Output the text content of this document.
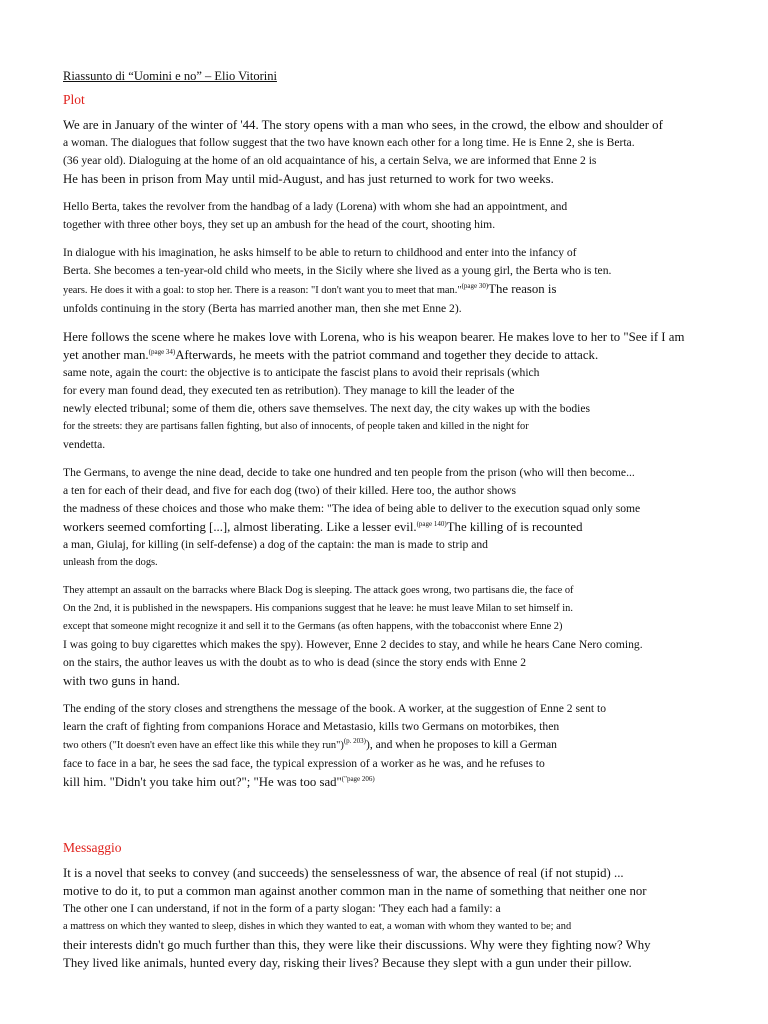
Riassunto di “Uomini e no” – Elio Vitorini
Plot
We are in January of the winter of '44. The story opens with a man who sees, in the crowd, the elbow and shoulder of
a woman. The dialogues that follow suggest that the two have known each other for a long time. He is Enne 2, she is Berta.
(36 year old). Dialoguing at the home of an old acquaintance of his, a certain Selva, we are informed that Enne 2 is
He has been in prison from May until mid-August, and has just returned to work for two weeks.
Hello Berta, takes the revolver from the handbag of a lady (Lorena) with whom she had an appointment, and
together with three other boys, they set up an ambush for the head of the court, shooting him.
In dialogue with his imagination, he asks himself to be able to return to childhood and enter into the infancy of
Berta. She becomes a ten-year-old child who meets, in the Sicily where she lived as a young girl, the Berta who is ten.
years. He does it with a goal: to stop her. There is a reason: "I don't want you to meet that man."$^{(page 30)}$The reason is
unfolds continuing in the story (Berta has married another man, then she met Enne 2).
Here follows the scene where he makes love with Lorena, who is his weapon bearer. He makes love to her to "See if I am
yet another man.$^{(page 34)}$Afterwards, he meets with the patriot command and together they decide to attack.
same note, again the court: the objective is to anticipate the fascist plans to avoid their reprisals (which
for every man found dead, they executed ten as retribution). They manage to kill the leader of the
newly elected tribunal; some of them die, others save themselves. The next day, the city wakes up with the bodies
for the streets: they are partisans fallen fighting, but also of innocents, of people taken and killed in the night for
vendetta.
The Germans, to avenge the nine dead, decide to take one hundred and ten people from the prison (who will then become...
a ten for each of their dead, and five for each dog (two) of their killed. Here too, the author shows
the madness of these choices and those who make them: "The idea of being able to deliver to the execution squad only some
workers seemed comforting [...], almost liberating. Like a lesser evil.$^{(page 140)}$The killing of is recounted
a man, Giulaj, for killing (in self-defense) a dog of the captain: the man is made to strip and
unleash from the dogs.
They attempt an assault on the barracks where Black Dog is sleeping. The attack goes wrong, two partisans die, the face of
On the 2nd, it is published in the newspapers. His companions suggest that he leave: he must leave Milan to set himself in.
except that someone might recognize it and sell it to the Germans (as often happens, with the tobacconist where Enne 2)
I was going to buy cigarettes which makes the spy). However, Enne 2 decides to stay, and while he hears Cane Nero coming.
on the stairs, the author leaves us with the doubt as to who is dead (since the story ends with Enne 2
with two guns in hand.
The ending of the story closes and strengthens the message of the book. A worker, at the suggestion of Enne 2 sent to
learn the craft of fighting from companions Horace and Metastasio, kills two Germans on motorbikes, then
two others ("It doesn't even have an effect like this while they run")$^{(p. 203)}$), and when he proposes to kill a German
face to face in a bar, he sees the sad face, the typical expression of a worker as he was, and he refuses to
kill him. "Didn't you take him out?"; "He was too sad"$^{("page 206)}$
Messaggio
It is a novel that seeks to convey (and succeeds) the senselessness of war, the absence of real (if not stupid) ...
motive to do it, to put a common man against another common man in the name of something that neither one nor
The other one I can understand, if not in the form of a party slogan: 'They each had a family: a
a mattress on which they wanted to sleep, dishes in which they wanted to eat, a woman with whom they wanted to be; and
their interests didn't go much further than this, they were like their discussions. Why were they fighting now? Why
They lived like animals, hunted every day, risking their lives? Because they slept with a gun under their pillow.
